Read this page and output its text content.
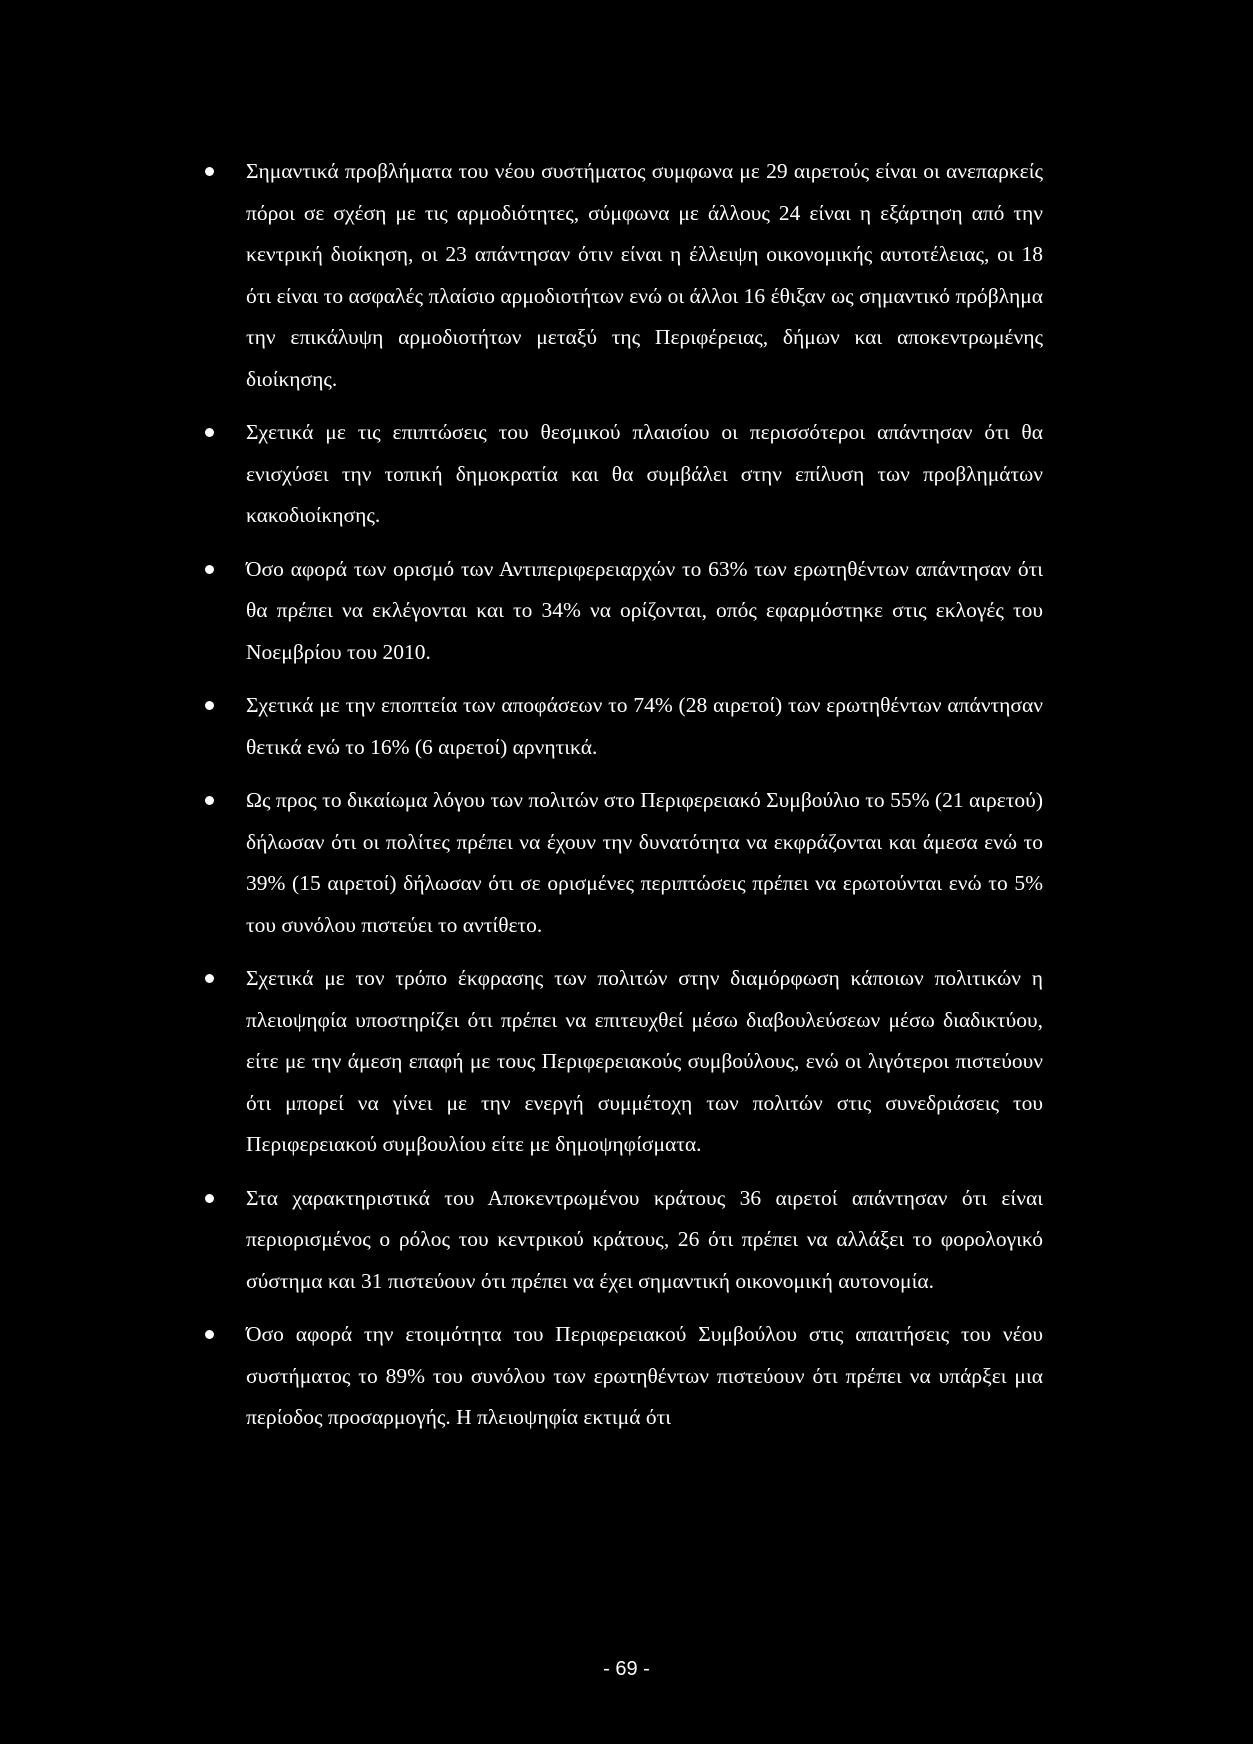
Σημαντικά προβλήματα του νέου συστήματος συμφωνα με 29 αιρετούς είναι οι ανεπαρκείς πόροι σε σχέση με τις αρμοδιότητες, σύμφωνα με άλλους 24 είναι η εξάρτηση από την κεντρική διοίκηση, οι 23 απάντησαν ότιν είναι η έλλειψη οικονομικής αυτοτέλειας, οι 18 ότι είναι το ασφαλές πλαίσιο αρμοδιοτήτων ενώ οι άλλοι 16 έθιξαν ως σημαντικό πρόβλημα την επικάλυψη αρμοδιοτήτων μεταξύ της Περιφέρειας, δήμων και αποκεντρωμένης διοίκησης.
Σχετικά με τις επιπτώσεις του θεσμικού πλαισίου οι περισσότεροι απάντησαν ότι θα ενισχύσει την τοπική δημοκρατία και θα συμβάλει στην επίλυση των προβλημάτων κακοδιοίκησης.
Όσο αφορά των ορισμό των Αντιπεριφερειαρχών το 63% των ερωτηθέντων απάντησαν ότι θα πρέπει να εκλέγονται και το 34% να ορίζονται, οπός εφαρμόστηκε στις εκλογές του Νοεμβρίου του 2010.
Σχετικά με την εποπτεία των αποφάσεων το 74% (28 αιρετοί) των ερωτηθέντων απάντησαν θετικά ενώ το 16% (6 αιρετοί) αρνητικά.
Ως προς το δικαίωμα λόγου των πολιτών στο Περιφερειακό Συμβούλιο το 55% (21 αιρετού) δήλωσαν ότι οι πολίτες πρέπει να έχουν την δυνατότητα να εκφράζονται και άμεσα ενώ το 39% (15 αιρετοί) δήλωσαν ότι σε ορισμένες περιπτώσεις πρέπει να ερωτούνται ενώ το 5% του συνόλου πιστεύει το αντίθετο.
Σχετικά με τον τρόπο έκφρασης των πολιτών στην διαμόρφωση κάποιων πολιτικών η πλειοψηφία υποστηρίζει ότι πρέπει να επιτευχθεί μέσω διαβουλεύσεων μέσω διαδικτύου, είτε με την άμεση επαφή με τους Περιφερειακούς συμβούλους, ενώ οι λιγότεροι πιστεύουν ότι μπορεί να γίνει με την ενεργή συμμέτοχη των πολιτών στις συνεδριάσεις του Περιφερειακού συμβουλίου είτε με δημοψηφίσματα.
Στα χαρακτηριστικά του Αποκεντρωμένου κράτους 36 αιρετοί απάντησαν ότι είναι περιορισμένος ο ρόλος του κεντρικού κράτους, 26 ότι πρέπει να αλλάξει το φορολογικό σύστημα και 31 πιστεύουν ότι πρέπει να έχει σημαντική οικονομική αυτονομία.
Όσο αφορά την ετοιμότητα του Περιφερειακού Συμβούλου στις απαιτήσεις του νέου συστήματος το 89% του συνόλου των ερωτηθέντων πιστεύουν ότι πρέπει να υπάρξει μια περίοδος προσαρμογής. Η πλειοψηφία εκτιμά ότι
- 69 -
